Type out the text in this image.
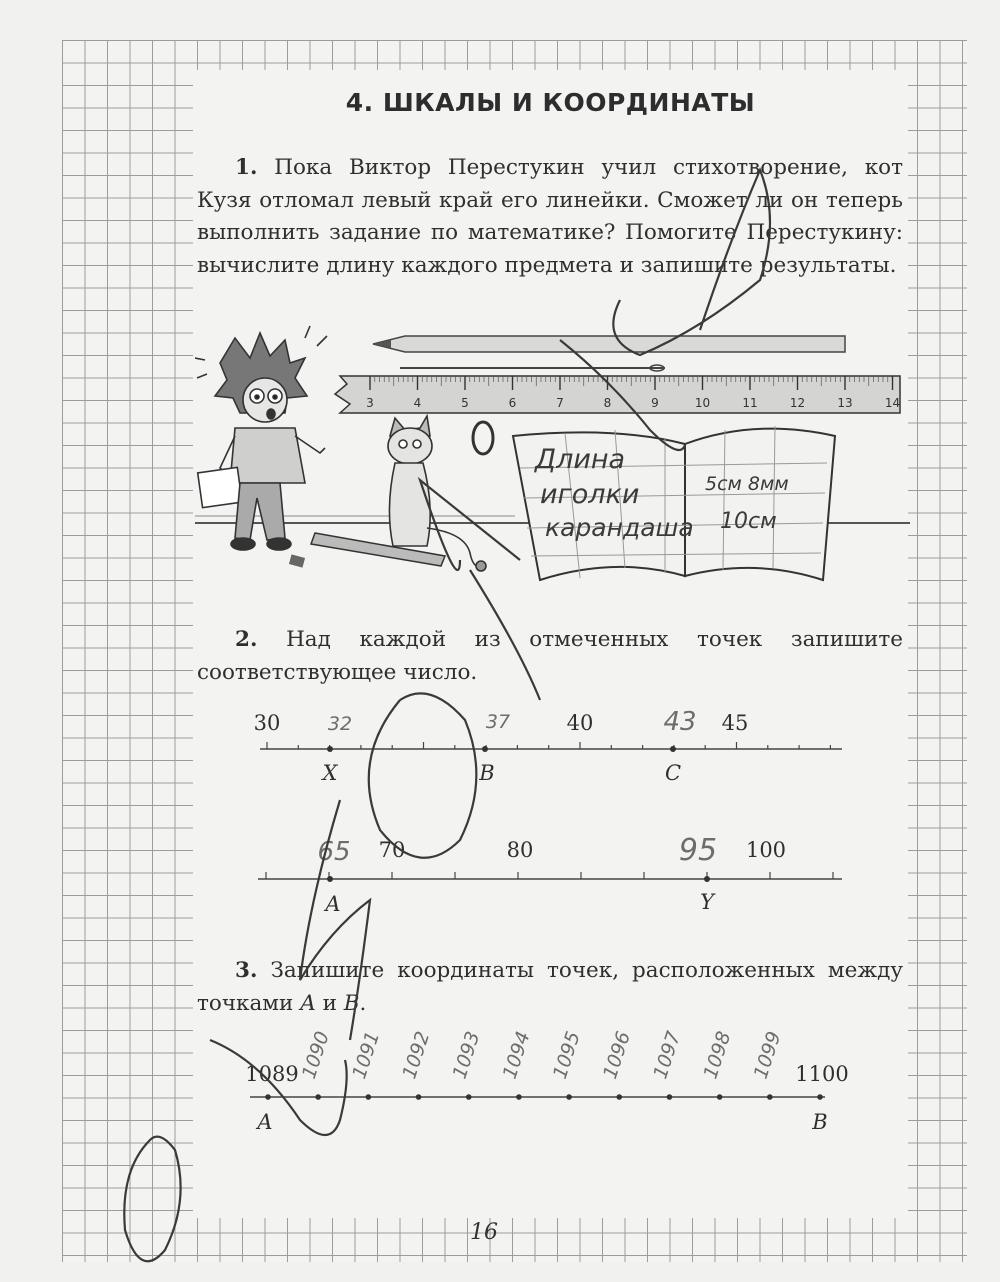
4. ШКАЛЫ И КООРДИНАТЫ
1. Пока Виктор Перестукин учил стихотворение, кот Кузя отломал левый край его линейки. Сможет ли он теперь выполнить задание по математике? Помогите Перестукину: вычислите длину каждого предмета и запишите результаты.
3	4	5	6	7	8	9	10	11	12	13	14
Длина
иголки
карандаша
5см 8мм
10см
2. Над каждой из отмеченных точек запишите соответствующее число.
30	40	45
X	B	C
32	37	43
70	80	100
A	Y
65	95
3. Запишите координаты точек, расположенных между точками A и B.
1089	1100
A	B
1090 1091 1092 1093 1094 1095 1096 1097 1098 1099
16
